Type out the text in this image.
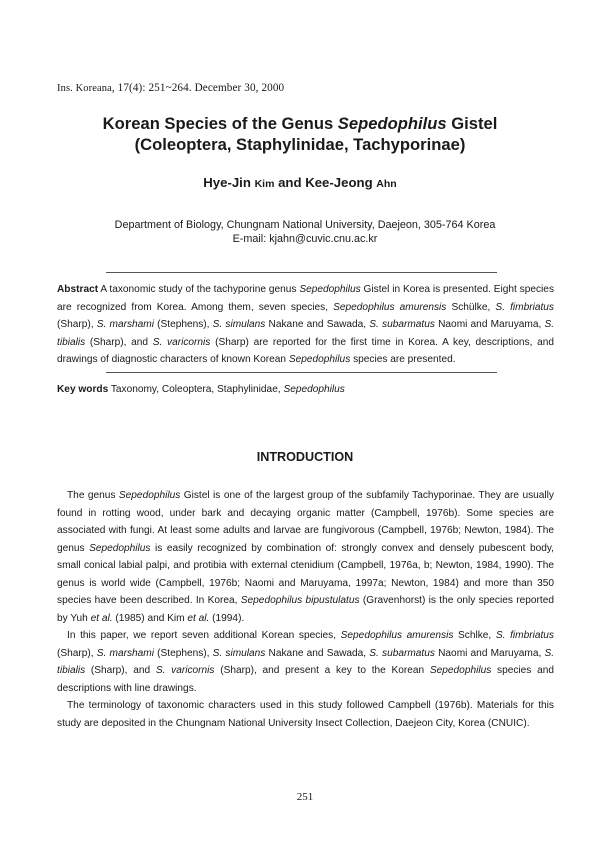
Ins. Koreana, 17(4): 251~264. December 30, 2000
Korean Species of the Genus Sepedophilus Gistel
(Coleoptera, Staphylinidae, Tachyporinae)
Hye-Jin Kim and Kee-Jeong Ahn
Department of Biology, Chungnam National University, Daejeon, 305-764 Korea
E-mail: kjahn@cuvic.cnu.ac.kr
Abstract A taxonomic study of the tachyporine genus Sepedophilus Gistel in Korea is presented. Eight species are recognized from Korea. Among them, seven species, Sepedophilus amurensis Schülke, S. fimbriatus (Sharp), S. marshami (Stephens), S. simulans Nakane and Sawada, S. subarmatus Naomi and Maruyama, S. tibialis (Sharp), and S. varicornis (Sharp) are reported for the first time in Korea. A key, descriptions, and drawings of diagnostic characters of known Korean Sepedophilus species are presented.
Key words Taxonomy, Coleoptera, Staphylinidae, Sepedophilus
INTRODUCTION

The genus Sepedophilus Gistel is one of the largest group of the subfamily Tachyporinae. They are usually found in rotting wood, under bark and decaying organic matter (Campbell, 1976b). Some species are associated with fungi. At least some adults and larvae are fungivorous (Campbell, 1976b; Newton, 1984). The genus Sepedophilus is easily recognized by combination of: strongly convex and densely pubescent body, small conical labial palpi, and protibia with external ctenidium (Campbell, 1976a, b; Newton, 1984, 1990). The genus is world wide (Campbell, 1976b; Naomi and Maruyama, 1997a; Newton, 1984) and more than 350 species have been described. In Korea, Sepedophilus bipustulatus (Gravenhorst) is the only species reported by Yuh et al. (1985) and Kim et al. (1994).

In this paper, we report seven additional Korean species, Sepedophilus amurensis Schlke, S. fimbriatus (Sharp), S. marshami (Stephens), S. simulans Nakane and Sawada, S. subarmatus Naomi and Maruyama, S. tibialis (Sharp), and S. varicornis (Sharp), and present a key to the Korean Sepedophilus species and descriptions with line drawings.

The terminology of taxonomic characters used in this study followed Campbell (1976b). Materials for this study are deposited in the Chungnam National University Insect Collection, Daejeon City, Korea (CNUIC).

251
